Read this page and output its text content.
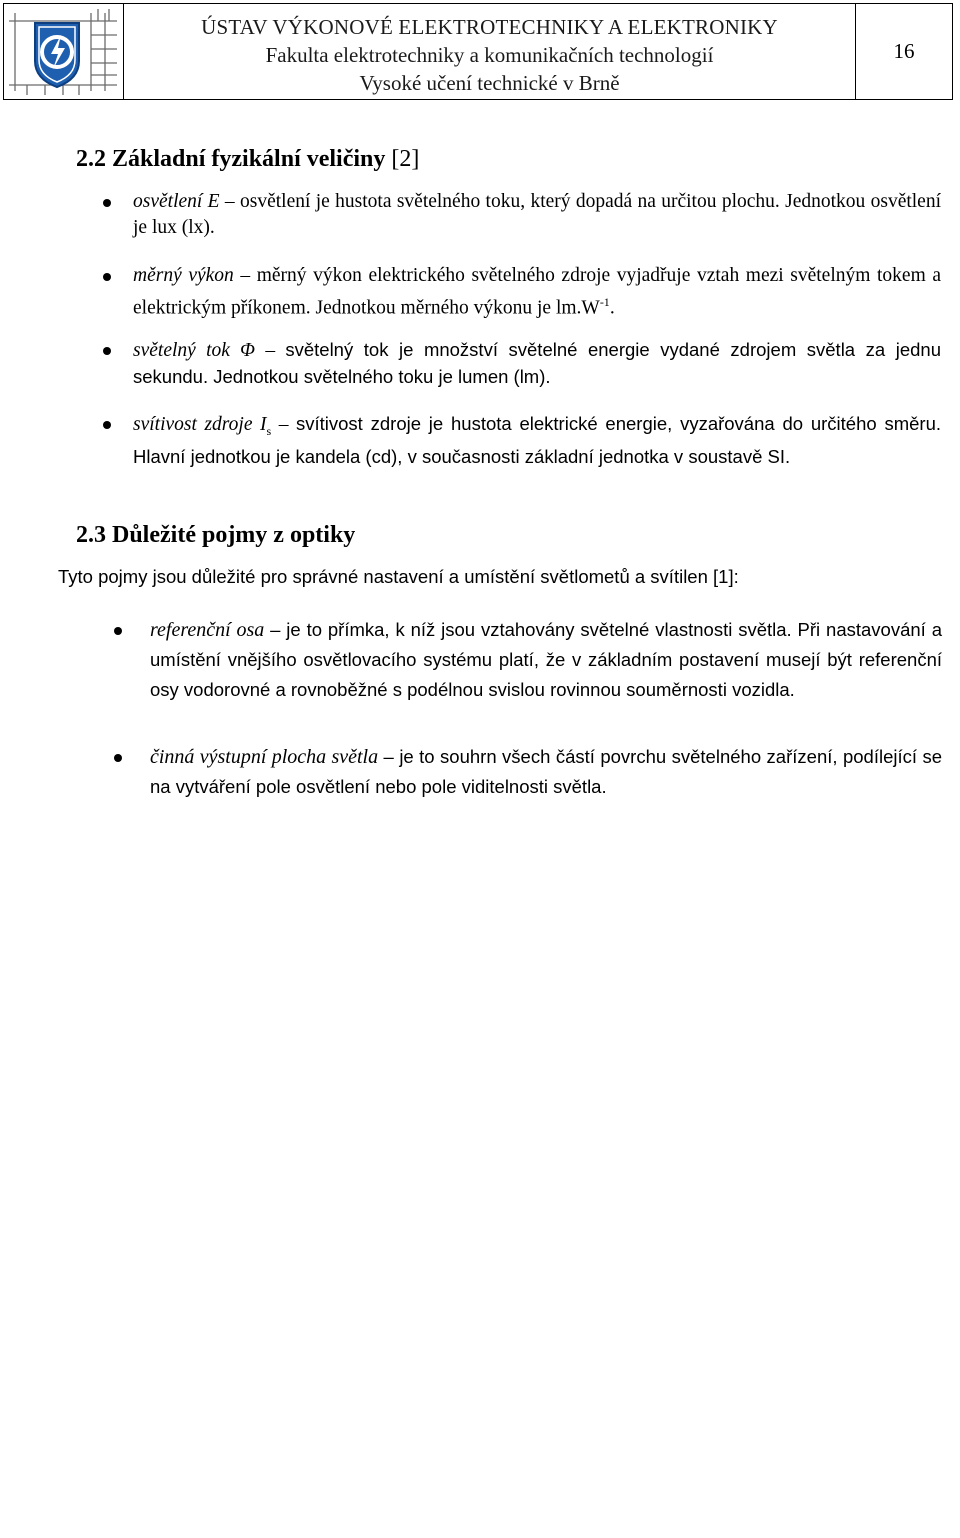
ÚSTAV VÝKONOVÉ ELEKTROTECHNIKY A ELEKTRONIKY
Fakulta elektrotechniky a komunikačních technologií
Vysoké učení technické v Brně
16
2.2 Základní fyzikální veličiny [2]

osvětlení E – osvětlení je hustota světelného toku, který dopadá na určitou plochu. Jednotkou osvětlení je lux (lx).

měrný výkon – měrný výkon elektrického světelného zdroje vyjadřuje vztah mezi světelným tokem a elektrickým příkonem. Jednotkou měrného výkonu je $lm.W^{-1}$.

světelný tok Φ – světelný tok je množství světelné energie vydané zdrojem světla za jednu sekundu. Jednotkou světelného toku je lumen (lm).

svítivost zdroje $I_s$ – svítivost zdroje je hustota elektrické energie, vyzařována do určitého směru. Hlavní jednotkou je kandela (cd), v současnosti základní jednotka v soustavě SI.

2.3 Důležité pojmy z optiky
Tyto pojmy jsou důležité pro správné nastavení a umístění světlometů a svítilen [1]:

referenční osa – je to přímka, k níž jsou vztahovány světelné vlastnosti světla. Při nastavování a umístění vnějšího osvětlovacího systému platí, že v základním postavení musejí být referenční osy vodorovné a rovnoběžné s podélnou svislou rovinnou souměrnosti vozidla.

činná výstupní plocha světla – je to souhrn všech částí povrchu světelného zařízení, podílející se na vytváření pole osvětlení nebo pole viditelnosti světla.
